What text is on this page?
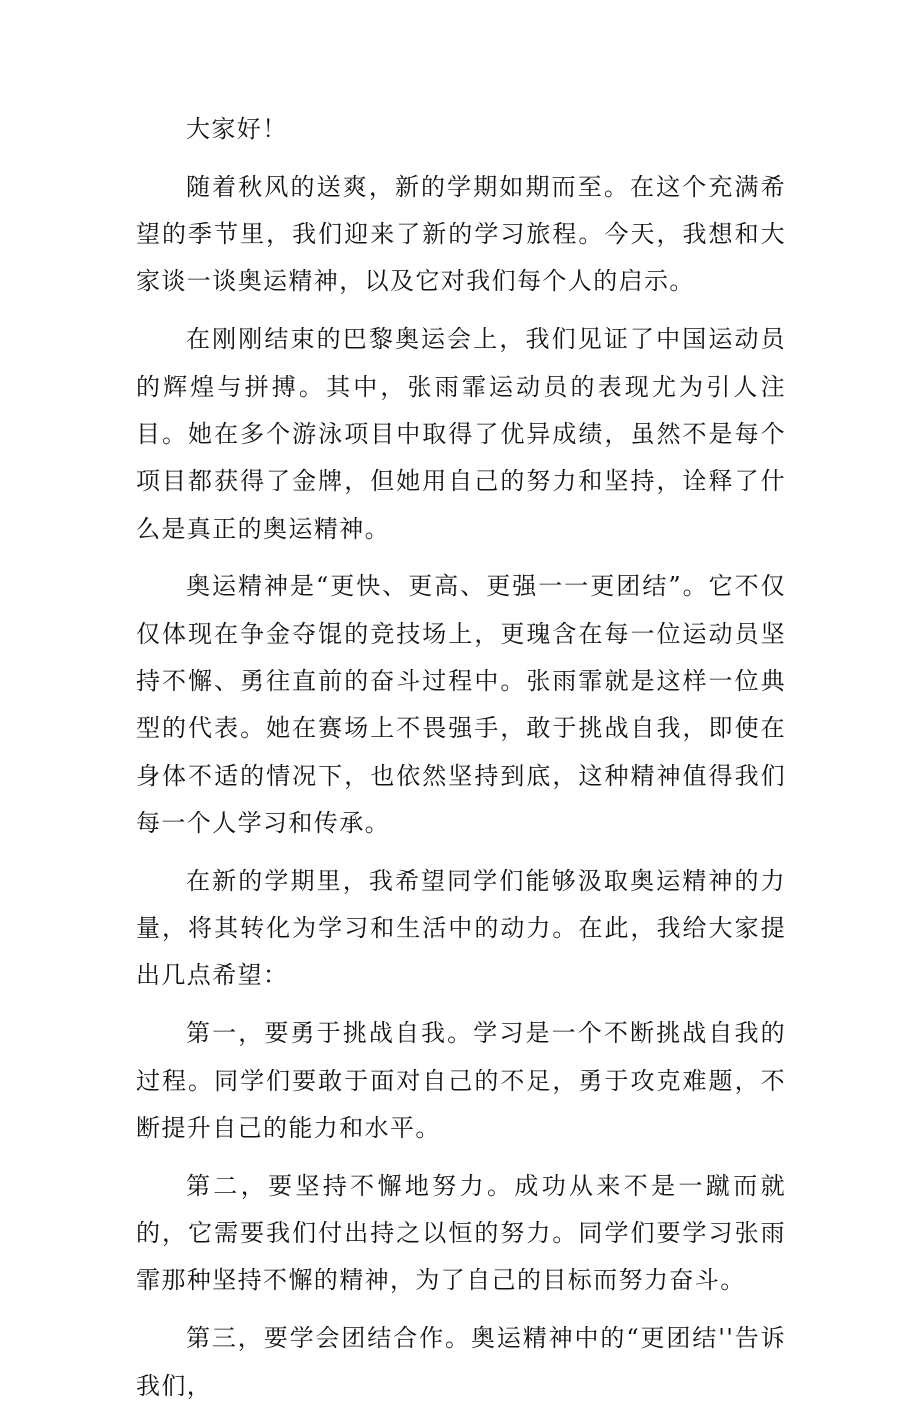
大家好！

随着秋风的送爽，新的学期如期而至。在这个充满希望的季节里，我们迎来了新的学习旅程。今天，我想和大家谈一谈奥运精神，以及它对我们每个人的启示。

在刚刚结束的巴黎奥运会上，我们见证了中国运动员的辉煌与拼搏。其中，张雨霏运动员的表现尤为引人注目。她在多个游泳项目中取得了优异成绩，虽然不是每个项目都获得了金牌，但她用自己的努力和坚持，诠释了什么是真正的奥运精神。

奥运精神是“更快、更高、更强一一更团结”。它不仅仅体现在争金夺馄的竞技场上，更瑰含在每一位运动员坚持不懈、勇往直前的奋斗过程中。张雨霏就是这样一位典型的代表。她在赛场上不畏强手，敢于挑战自我，即使在身体不适的情况下，也依然坚持到底，这种精神值得我们每一个人学习和传承。

在新的学期里，我希望同学们能够汲取奥运精神的力量，将其转化为学习和生活中的动力。在此，我给大家提出几点希望：

第一，要勇于挑战自我。学习是一个不断挑战自我的过程。同学们要敢于面对自己的不足，勇于攻克难题，不断提升自己的能力和水平。

第二，要坚持不懈地努力。成功从来不是一蹴而就的，它需要我们付出持之以恒的努力。同学们要学习张雨霏那种坚持不懈的精神，为了自己的目标而努力奋斗。

第三，要学会团结合作。奥运精神中的“更团结''告诉我们，
